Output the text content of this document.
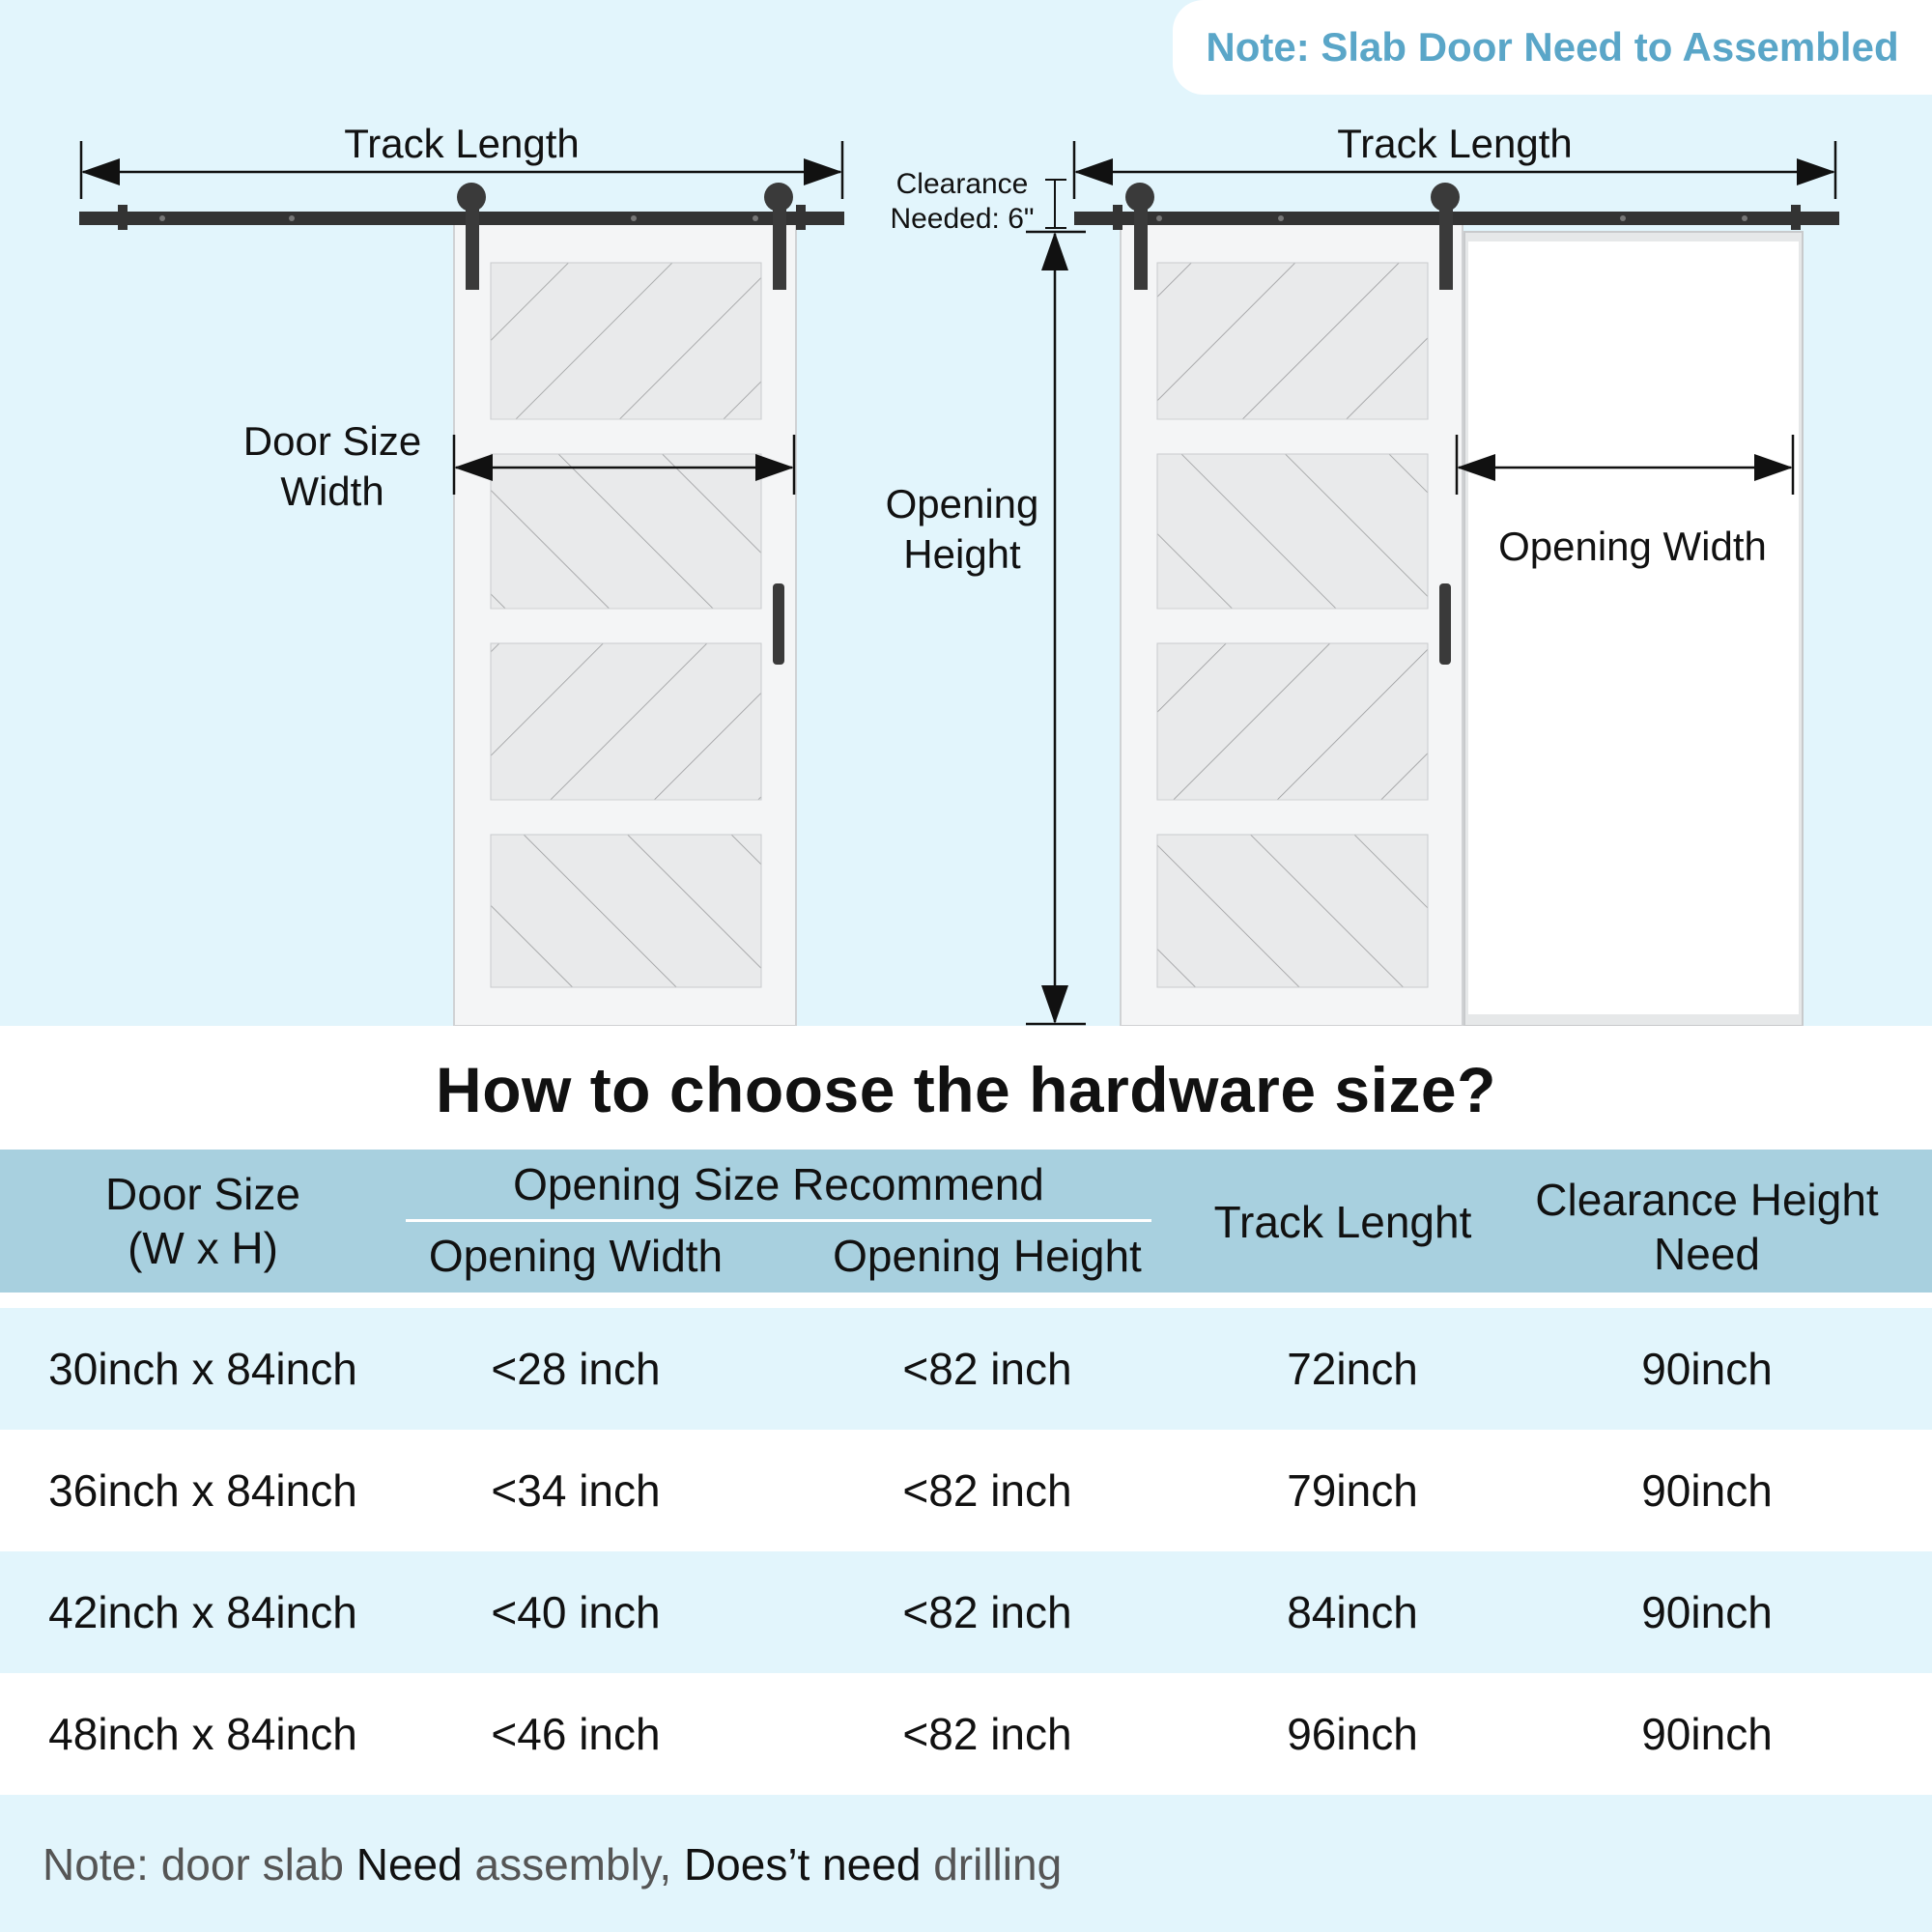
Track Length	Track Length
Door Size
Width
Clearance
Needed: 6"
Opening
Height	Opening Width
Note: Slab Door Need to Assembled
How to choose the hardware size?
Door Size
(W x H)
Opening Size Recommend
Opening Width	Opening Height
Track Lenght	Clearance Height
Need
30inch x 84inch	<28 inch	<82 inch	72inch	90inch
36inch x 84inch	<34 inch	<82 inch	79inch	90inch
42inch x 84inch	<40 inch	<82 inch	84inch	90inch
48inch x 84inch	<46 inch	<82 inch	96inch	90inch
Note: door slab Need assembly, Does’t need drilling
